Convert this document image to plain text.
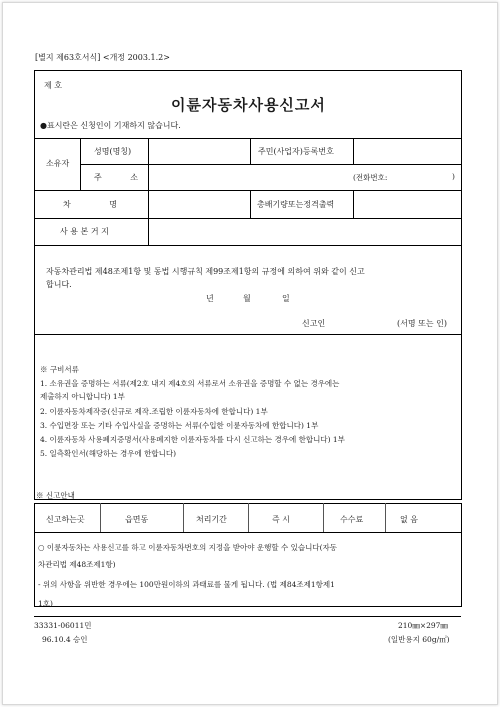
[별지 제63호서식] <개정 2003.1.2>
제 호
이륜자동차사용신고서
●표시란은 신청인이 기재하지 않습니다.
소유자
성명(명칭)	주민(사업자)등록번호
주 소	(전화번호:	)
차 명	총배기량또는정격출력
사 용 본 거 지
자동차관리법 제48조제1항 및 동법 시행규칙 제99조제1항의 규정에 의하여 위와 같이 신고
합니다.
년	월	일
신고인	(서명 또는 인)
※ 구비서류
1. 소유권을 증명하는 서류(제2호 내지 제4호의 서류로서 소유권을 증명할 수 없는 경우에는
제출하지 아니합니다) 1부
2. 이륜자동차제작증(신규로 제작.조립한 이륜자동차에 한합니다) 1부
3. 수입면장 또는 기타 수입사실을 증명하는 서류(수입한 이륜자동차에 한합니다) 1부
4. 이륜자동차 사용폐지증명서(사용폐지한 이륜자동차를 다시 신고하는 경우에 한합니다) 1부
5. 일측확인서(해당하는 경우에 한합니다)
※ 신고안내
신고하는곳	읍면동	처리기간	즉 시	수수료	없 음
○ 이륜자동차는 사용신고를 하고 이륜자동차번호의 지정을 받아야 운행할 수 있습니다(자동
차관리법 제48조제1항)
- 위의 사항을 위반한 경우에는 100만원이하의 과태료를 물게 됩니다. (법 제84조제1항제1
1호)
33331-06011민
96.10.4 승인
210㎜×297㎜
(일반용지 60g/㎡)
